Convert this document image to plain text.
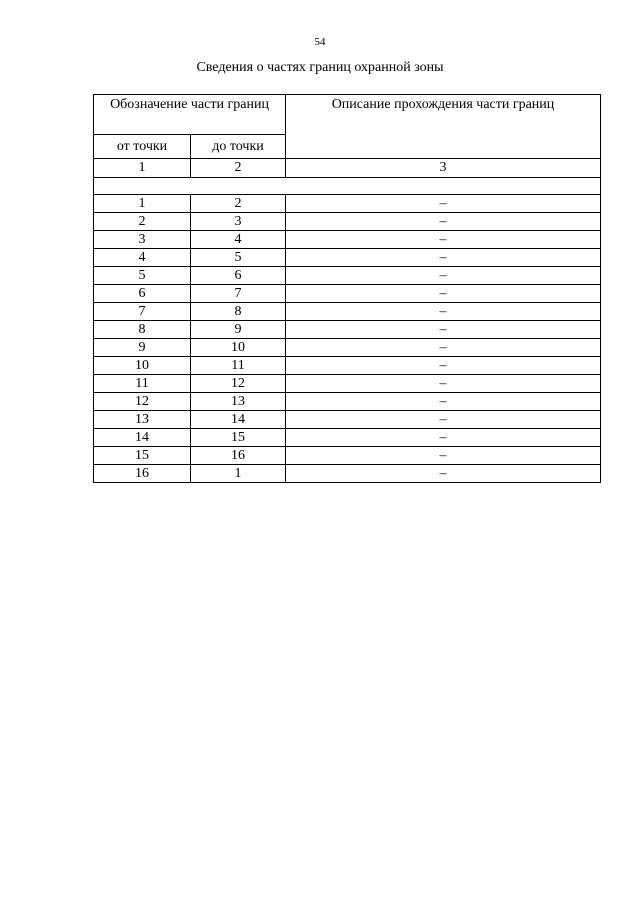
54
Сведения о частях границ охранной зоны
Обозначение части границ		Описание прохождения части границ
от точки	до точки	
1	2	3

1	2	–
2	3	–
3	4	–
4	5	–
5	6	–
6	7	–
7	8	–
8	9	–
9	10	–
10	11	–
11	12	–
12	13	–
13	14	–
14	15	–
15	16	–
16	1	–
